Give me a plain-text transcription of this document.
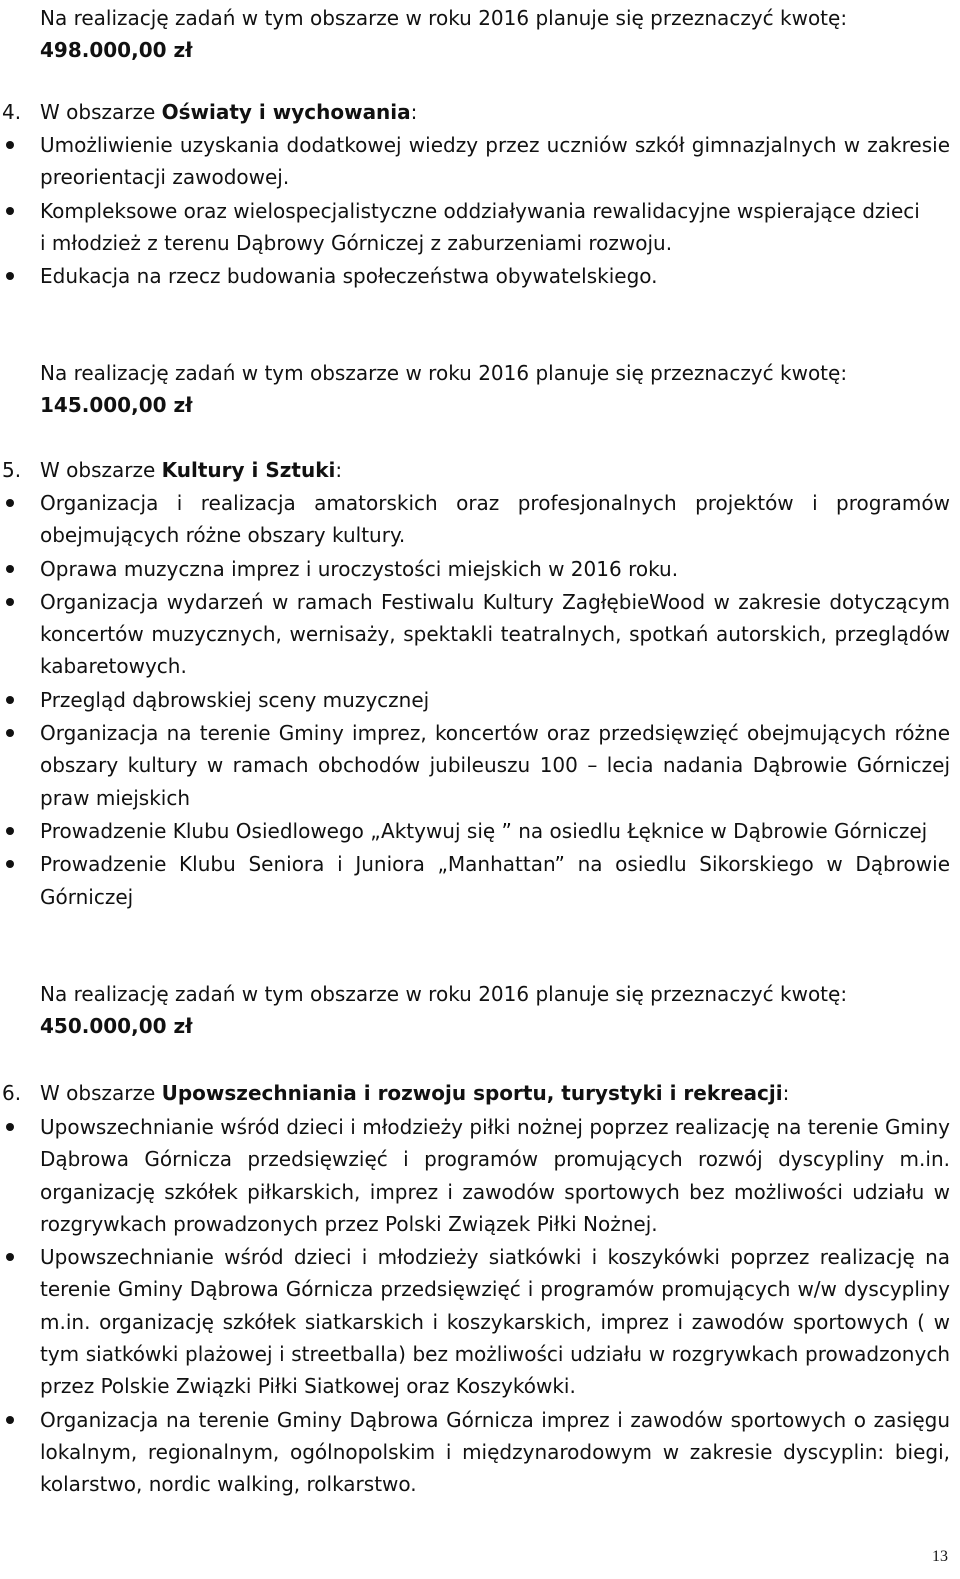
Na realizację zadań w tym obszarze w roku 2016 planuje się przeznaczyć kwotę:
498.000,00 zł
4. W obszarze Oświaty i wychowania:
Umożliwienie uzyskania dodatkowej wiedzy przez uczniów szkół gimnazjalnych w zakresie preorientacji zawodowej.
Kompleksowe oraz wielospecjalistyczne oddziaływania rewalidacyjne wspierające dzieci
i młodzież z terenu Dąbrowy Górniczej z zaburzeniami rozwoju.
Edukacja na rzecz budowania społeczeństwa obywatelskiego.
Na realizację zadań w tym obszarze w roku 2016 planuje się przeznaczyć kwotę:
145.000,00 zł
5. W obszarze Kultury i Sztuki:
Organizacja i realizacja amatorskich oraz profesjonalnych projektów i programów obejmujących różne obszary kultury.
Oprawa muzyczna imprez i uroczystości miejskich w 2016 roku.
Organizacja wydarzeń w ramach Festiwalu Kultury ZagłębieWood w zakresie dotyczącym koncertów muzycznych, wernisaży, spektakli teatralnych, spotkań autorskich, przeglądów kabaretowych.
Przegląd dąbrowskiej sceny muzycznej
Organizacja na terenie Gminy imprez, koncertów oraz przedsięwzięć obejmujących różne obszary kultury w ramach obchodów jubileuszu 100 – lecia nadania Dąbrowie Górniczej praw miejskich
Prowadzenie Klubu Osiedlowego „Aktywuj się ” na osiedlu Łęknice w Dąbrowie Górniczej
Prowadzenie Klubu Seniora i Juniora „Manhattan” na osiedlu Sikorskiego w Dąbrowie Górniczej
Na realizację zadań w tym obszarze w roku 2016 planuje się przeznaczyć kwotę:
450.000,00 zł
6. W obszarze Upowszechniania i rozwoju sportu, turystyki i rekreacji:
Upowszechnianie wśród dzieci i młodzieży piłki nożnej poprzez realizację na terenie Gminy Dąbrowa Górnicza przedsięwzięć i programów promujących rozwój dyscypliny m.in. organizację szkółek piłkarskich, imprez i zawodów sportowych bez możliwości udziału w rozgrywkach prowadzonych przez Polski Związek Piłki Nożnej.
Upowszechnianie wśród dzieci i młodzieży siatkówki i koszykówki poprzez realizację na terenie Gminy Dąbrowa Górnicza przedsięwzięć i programów promujących w/w dyscypliny m.in. organizację szkółek siatkarskich i koszykarskich, imprez i zawodów sportowych ( w tym siatkówki plażowej i streetballa) bez możliwości udziału w rozgrywkach prowadzonych przez Polskie Związki Piłki Siatkowej oraz Koszykówki.
Organizacja na terenie Gminy Dąbrowa Górnicza imprez i zawodów sportowych o zasięgu lokalnym, regionalnym, ogólnopolskim i międzynarodowym w zakresie dyscyplin: biegi, kolarstwo, nordic walking, rolkarstwo.
13
